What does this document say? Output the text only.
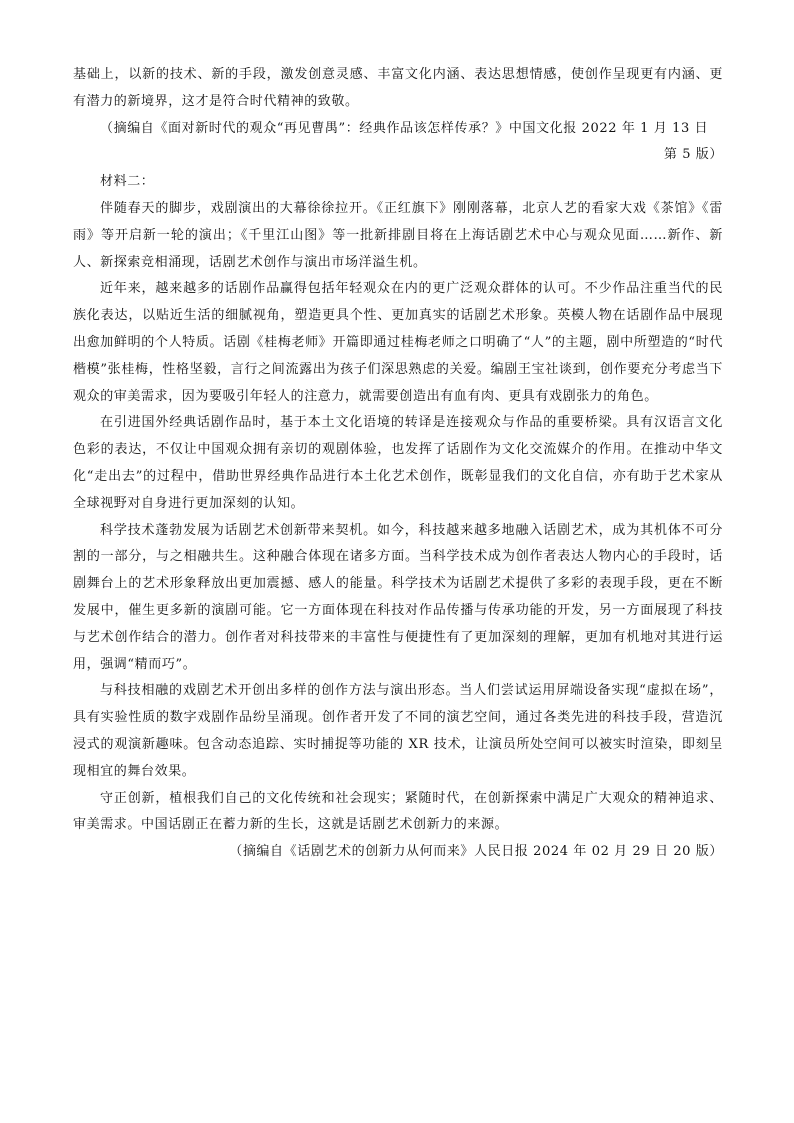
基础上，以新的技术、新的手段，激发创意灵感、丰富文化内涵、表达思想情感，使创作呈现更有内涵、更有潜力的新境界，这才是符合时代精神的致敬。

（摘编自《面对新时代的观众“再见曹禺”：经典作品该怎样传承？》中国文化报 2022 年 1 月 13 日

第 5 版）

材料二：

伴随春天的脚步，戏剧演出的大幕徐徐拉开。《正红旗下》刚刚落幕，北京人艺的看家大戏《茶馆》《雷雨》等开启新一轮的演出；《千里江山图》等一批新排剧目将在上海话剧艺术中心与观众见面……新作、新人、新探索竞相涌现，话剧艺术创作与演出市场洋溢生机。

近年来，越来越多的话剧作品赢得包括年轻观众在内的更广泛观众群体的认可。不少作品注重当代的民族化表达，以贴近生活的细腻视角，塑造更具个性、更加真实的话剧艺术形象。英模人物在话剧作品中展现出愈加鲜明的个人特质。话剧《桂梅老师》开篇即通过桂梅老师之口明确了“人”的主题，剧中所塑造的“时代楷模”张桂梅，性格坚毅，言行之间流露出为孩子们深思熟虑的关爱。编剧王宝社谈到，创作要充分考虑当下观众的审美需求，因为要吸引年轻人的注意力，就需要创造出有血有肉、更具有戏剧张力的角色。

在引进国外经典话剧作品时，基于本土文化语境的转译是连接观众与作品的重要桥梁。具有汉语言文化色彩的表达，不仅让中国观众拥有亲切的观剧体验，也发挥了话剧作为文化交流媒介的作用。在推动中华文化“走出去”的过程中，借助世界经典作品进行本土化艺术创作，既彰显我们的文化自信，亦有助于艺术家从全球视野对自身进行更加深刻的认知。

科学技术蓬勃发展为话剧艺术创新带来契机。如今，科技越来越多地融入话剧艺术，成为其机体不可分割的一部分，与之相融共生。这种融合体现在诸多方面。当科学技术成为创作者表达人物内心的手段时，话剧舞台上的艺术形象释放出更加震撼、感人的能量。科学技术为话剧艺术提供了多彩的表现手段，更在不断发展中，催生更多新的演剧可能。它一方面体现在科技对作品传播与传承功能的开发，另一方面展现了科技与艺术创作结合的潜力。创作者对科技带来的丰富性与便捷性有了更加深刻的理解，更加有机地对其进行运用，强调“精而巧”。

与科技相融的戏剧艺术开创出多样的创作方法与演出形态。当人们尝试运用屏端设备实现“虚拟在场”，具有实验性质的数字戏剧作品纷呈涌现。创作者开发了不同的演艺空间，通过各类先进的科技手段，营造沉浸式的观演新趣味。包含动态追踪、实时捕捉等功能的 XR 技术，让演员所处空间可以被实时渲染，即刻呈现相宜的舞台效果。

守正创新，植根我们自己的文化传统和社会现实；紧随时代，在创新探索中满足广大观众的精神追求、审美需求。中国话剧正在蓄力新的生长，这就是话剧艺术创新力的来源。

（摘编自《话剧艺术的创新力从何而来》人民日报 2024 年 02 月 29 日 20 版）
